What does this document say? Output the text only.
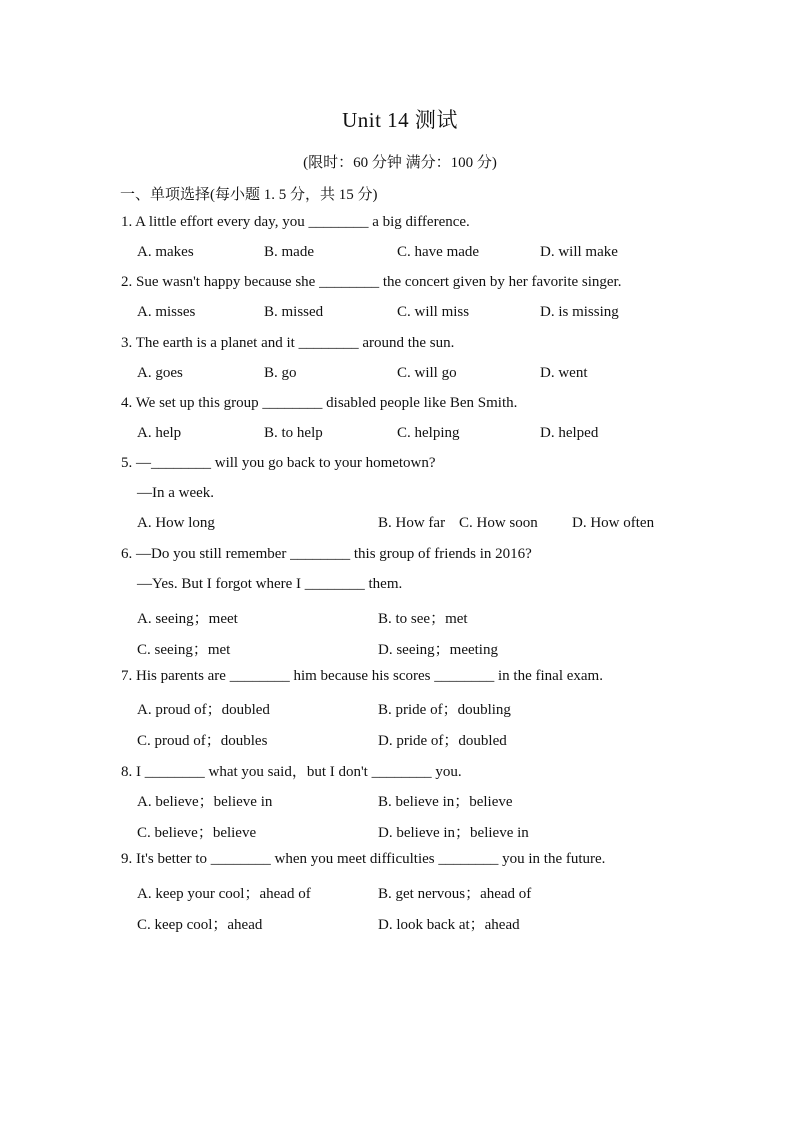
Unit 14 测试
(限时：60 分钟 满分：100 分)
一、单项选择(每小题 1. 5 分，共 15 分)
1. A little effort every day, you ________ a big difference.
A. makes	B. made	C. have made	D. will make
2. Sue wasn't happy because she ________ the concert given by her favorite singer.
A. misses	B. missed	C. will miss	D. is missing
3. The earth is a planet and it ________ around the sun.
A. goes	B. go	C. will go	D. went
4. We set up this group ________ disabled people like Ben Smith.
A. help	B. to help	C. helping	D. helped
5. —________ will you go back to your hometown?
—In a week.
A. How long	B. How far C. How soon D. How often
6. —Do you still remember ________ this group of friends in 2016?
—Yes. But I forgot where I ________ them.
A. seeing；meet	B. to see；met
C. seeing；met	D. seeing；meeting
7. His parents are ________ him because his scores ________ in the final exam.
A. proud of；doubled	B. pride of；doubling
C. proud of；doubles	D. pride of；doubled
8. I ________ what you said，but I don't ________ you.
A. believe；believe in	B. believe in；believe
C. believe；believe	D. believe in；believe in
9. It's better to ________ when you meet difficulties ________ you in the future.
A. keep your cool；ahead of	B. get nervous；ahead of
C. keep cool；ahead	D. look back at；ahead
